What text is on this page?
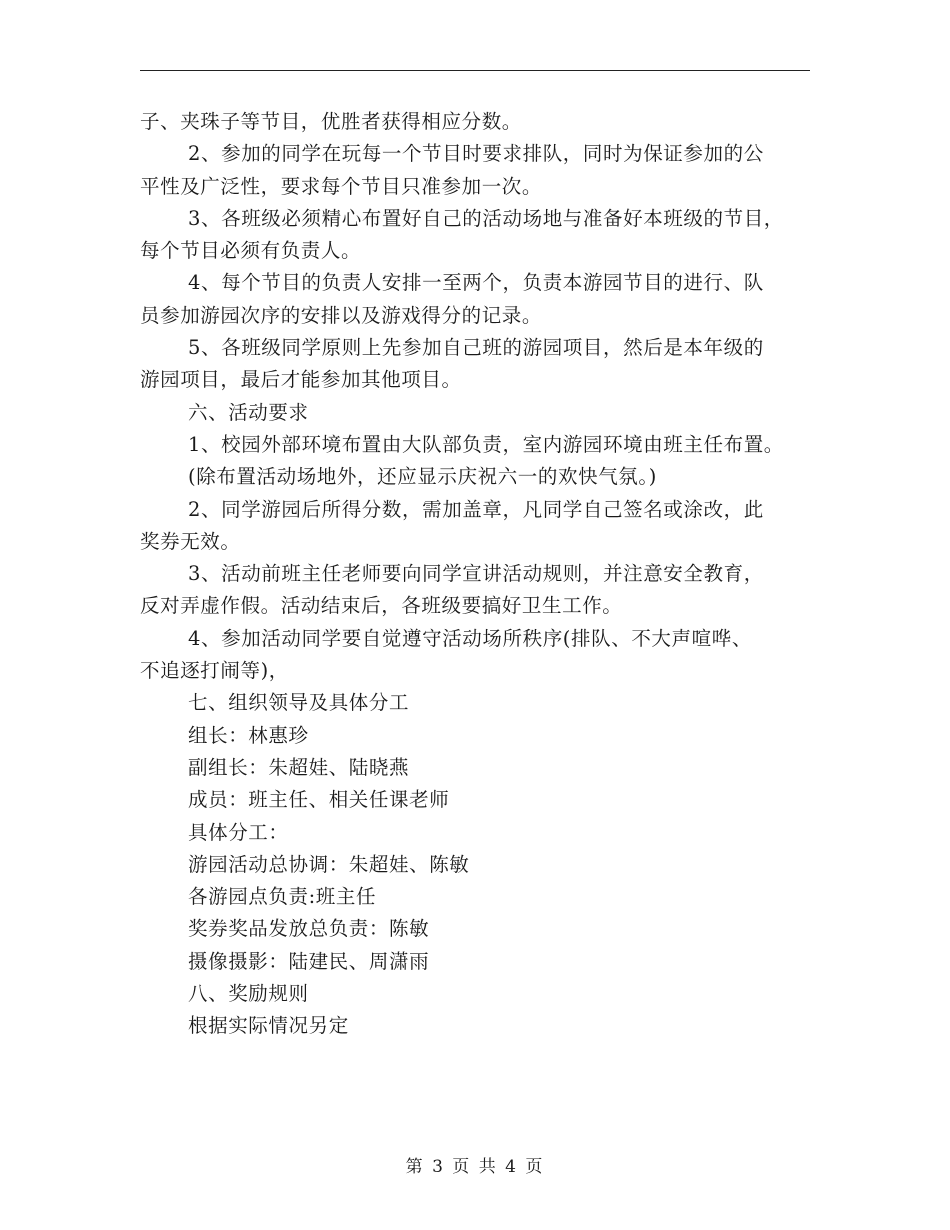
子、夹珠子等节目，优胜者获得相应分数。
2、参加的同学在玩每一个节目时要求排队，同时为保证参加的公
平性及广泛性，要求每个节目只准参加一次。
3、各班级必须精心布置好自己的活动场地与准备好本班级的节目，
每个节目必须有负责人。
4、每个节目的负责人安排一至两个，负责本游园节目的进行、队
员参加游园次序的安排以及游戏得分的记录。
5、各班级同学原则上先参加自己班的游园项目，然后是本年级的
游园项目，最后才能参加其他项目。
六、活动要求
1、校园外部环境布置由大队部负责，室内游园环境由班主任布置。
(除布置活动场地外，还应显示庆祝六一的欢快气氛。)
2、同学游园后所得分数，需加盖章，凡同学自己签名或涂改，此
奖券无效。
3、活动前班主任老师要向同学宣讲活动规则，并注意安全教育，
反对弄虚作假。活动结束后，各班级要搞好卫生工作。
4、参加活动同学要自觉遵守活动场所秩序(排队、不大声喧哗、
不追逐打闹等)，
七、组织领导及具体分工
组长：林惠珍
副组长：朱超娃、陆晓燕
成员：班主任、相关任课老师
具体分工：
游园活动总协调：朱超娃、陈敏
各游园点负责:班主任
奖券奖品发放总负责：陈敏
摄像摄影：陆建民、周潇雨
八、奖励规则
根据实际情况另定
第 3 页 共 4 页
